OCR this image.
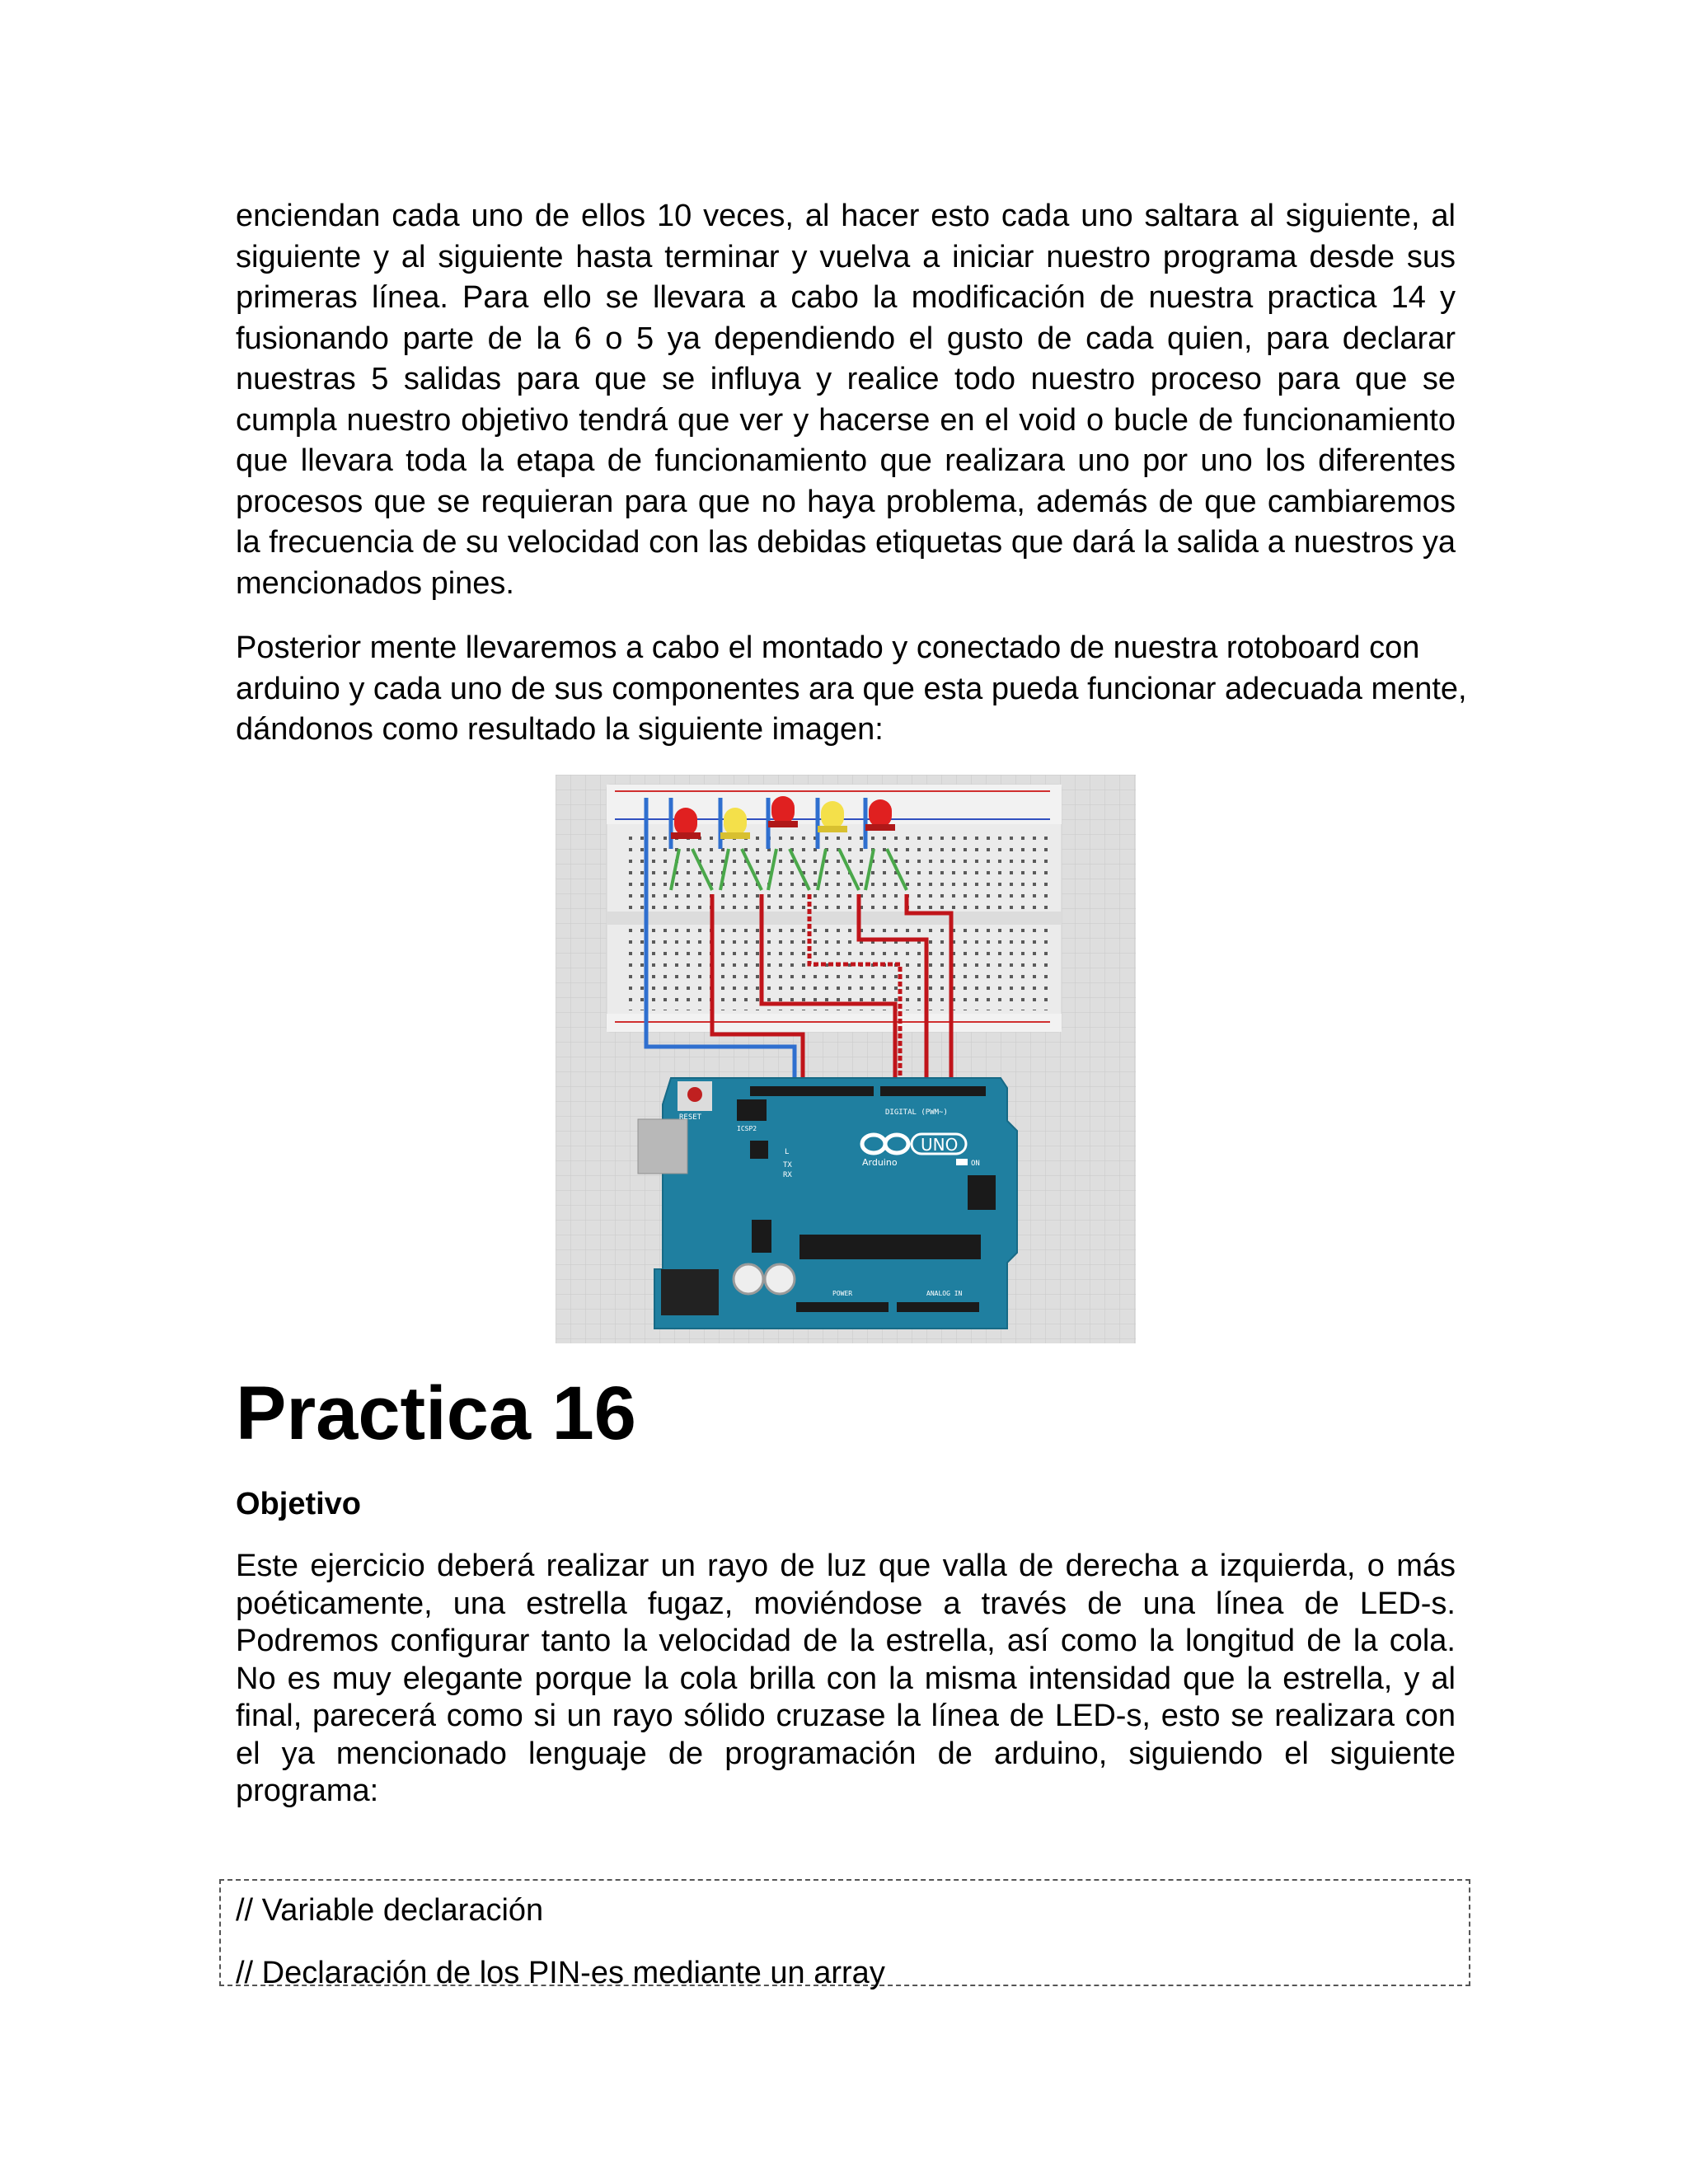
enciendan cada uno de ellos 10 veces, al hacer esto cada uno saltara al siguiente, al siguiente y al siguiente hasta terminar y vuelva a iniciar nuestro programa desde sus primeras línea. Para ello se llevara a cabo la modificación de nuestra practica 14 y fusionando parte de la 6 o 5 ya dependiendo el gusto de cada quien, para declarar nuestras 5 salidas para que se influya y realice todo nuestro proceso para que se cumpla nuestro objetivo tendrá que ver y hacerse en el void o bucle de funcionamiento que llevara toda la etapa de funcionamiento que realizara uno por uno los diferentes procesos que se requieran para que no haya problema, además de que cambiaremos la frecuencia de su velocidad con las debidas etiquetas que dará la salida a nuestros ya mencionados pines.

Posterior mente llevaremos a cabo el montado y conectado de nuestra rotoboard con arduino y cada uno de sus componentes ara que esta pueda funcionar adecuada mente, dándonos como resultado la siguiente imagen:

RESET
ICSP2
DIGITAL (PWM~)
L
TX
RX
UNO
Arduino	ON
POWER	ANALOG IN
Practica 16
Objetivo

Este ejercicio deberá realizar un rayo de luz que valla de derecha a izquierda, o más poéticamente, una estrella fugaz, moviéndose a través de una línea de LED-s. Podremos configurar tanto la velocidad de la estrella, así como la longitud de la cola. No es muy elegante porque la cola brilla con la misma intensidad que la estrella, y al final, parecerá como si un rayo sólido cruzase la línea de LED-s, esto se realizara con el ya mencionado lenguaje de programación de arduino, siguiendo el siguiente programa:

// Variable declaración

// Declaración de los PIN-es mediante un array
